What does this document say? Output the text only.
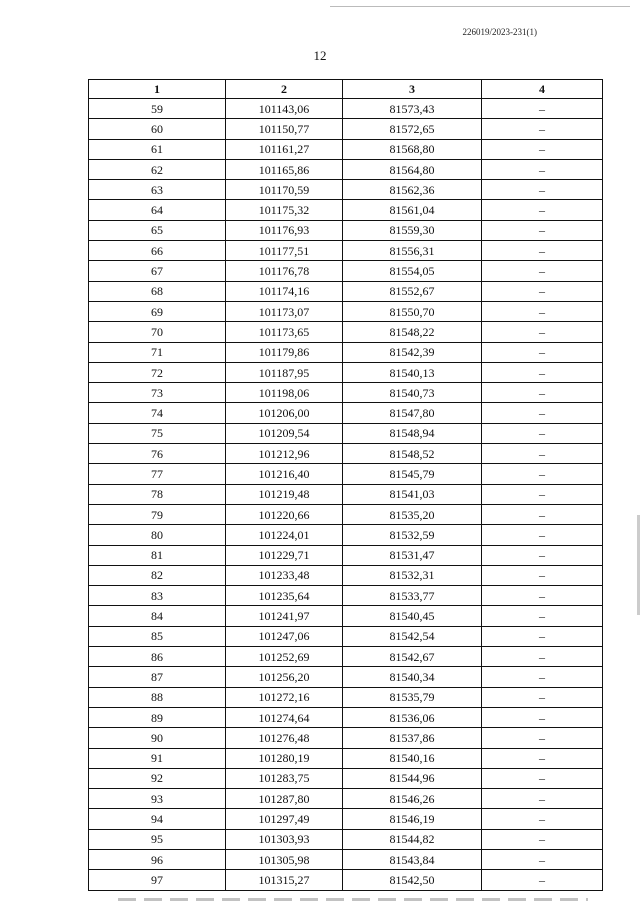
226019/2023-231(1)
12
1	2	3	4
59	101143,06	81573,43	–
60	101150,77	81572,65	–
61	101161,27	81568,80	–
62	101165,86	81564,80	–
63	101170,59	81562,36	–
64	101175,32	81561,04	–
65	101176,93	81559,30	–
66	101177,51	81556,31	–
67	101176,78	81554,05	–
68	101174,16	81552,67	–
69	101173,07	81550,70	–
70	101173,65	81548,22	–
71	101179,86	81542,39	–
72	101187,95	81540,13	–
73	101198,06	81540,73	–
74	101206,00	81547,80	–
75	101209,54	81548,94	–
76	101212,96	81548,52	–
77	101216,40	81545,79	–
78	101219,48	81541,03	–
79	101220,66	81535,20	–
80	101224,01	81532,59	–
81	101229,71	81531,47	–
82	101233,48	81532,31	–
83	101235,64	81533,77	–
84	101241,97	81540,45	–
85	101247,06	81542,54	–
86	101252,69	81542,67	–
87	101256,20	81540,34	–
88	101272,16	81535,79	–
89	101274,64	81536,06	–
90	101276,48	81537,86	–
91	101280,19	81540,16	–
92	101283,75	81544,96	–
93	101287,80	81546,26	–
94	101297,49	81546,19	–
95	101303,93	81544,82	–
96	101305,98	81543,84	–
97	101315,27	81542,50	–
